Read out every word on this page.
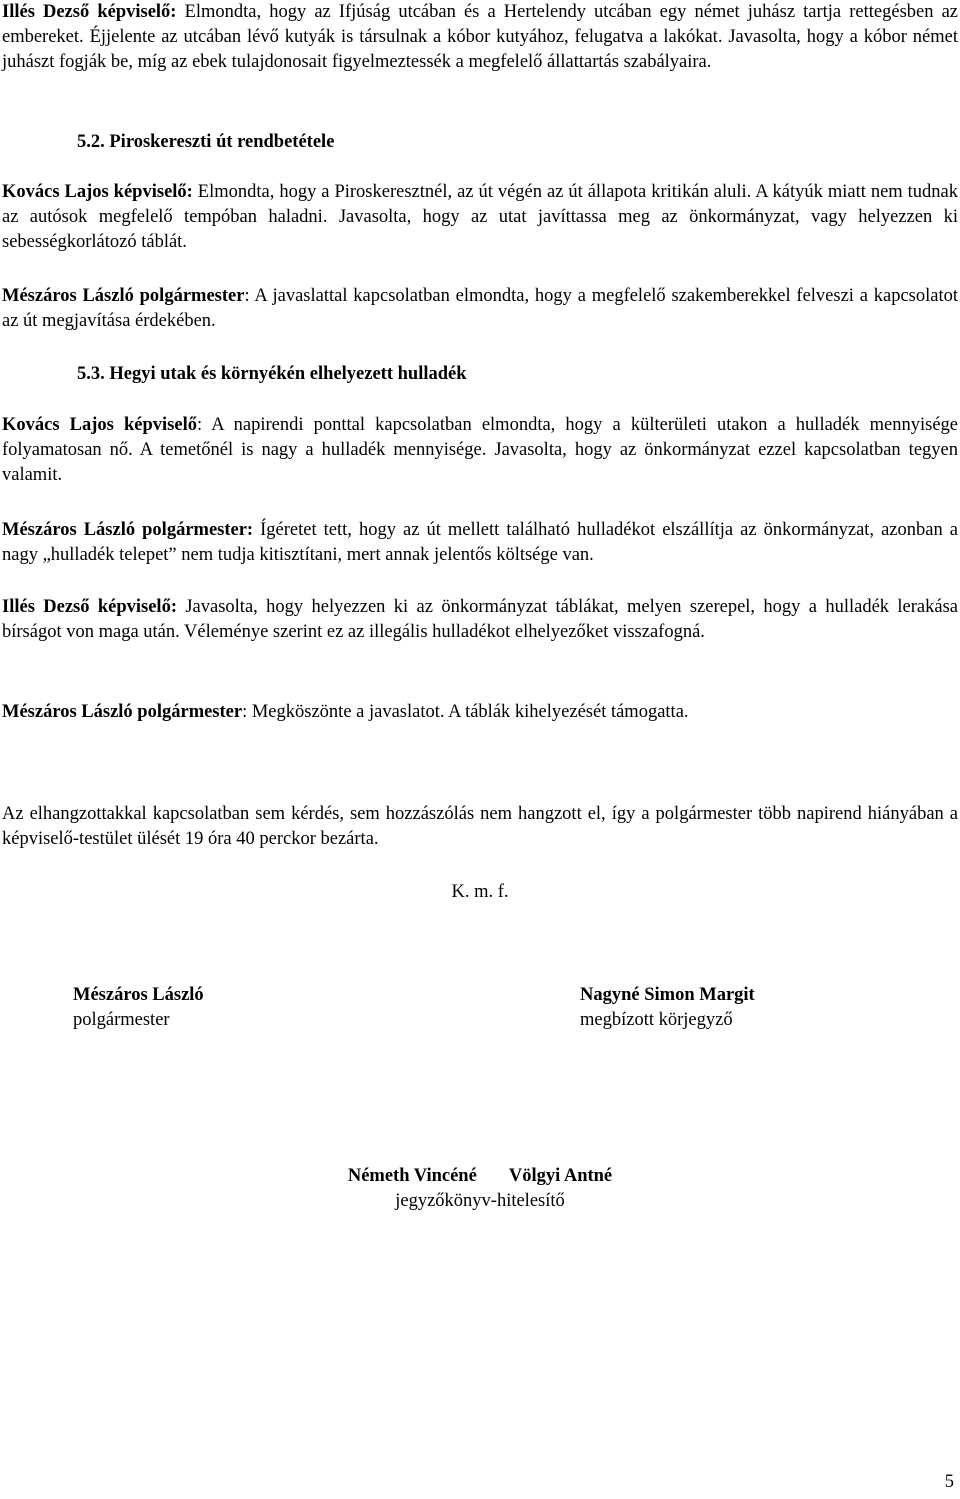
Illés Dezső képviselő: Elmondta, hogy az Ifjúság utcában és a Hertelendy utcában egy német juhász tartja rettegésben az embereket. Éjjelente az utcában lévő kutyák is társulnak a kóbor kutyához, felugatva a lakókat. Javasolta, hogy a kóbor német juhászt fogják be, míg az ebek tulajdonosait figyelmeztessék a megfelelő állattartás szabályaira.

5.2. Piroskereszti út rendbetétele

Kovács Lajos képviselő: Elmondta, hogy a Piroskeresztnél, az út végén az út állapota kritikán aluli. A kátyúk miatt nem tudnak az autósok megfelelő tempóban haladni. Javasolta, hogy az utat javíttassa meg az önkormányzat, vagy helyezzen ki sebességkorlátozó táblát.

Mészáros László polgármester: A javaslattal kapcsolatban elmondta, hogy a megfelelő szakemberekkel felveszi a kapcsolatot az út megjavítása érdekében.

5.3. Hegyi utak és környékén elhelyezett hulladék

Kovács Lajos képviselő: A napirendi ponttal kapcsolatban elmondta, hogy a külterületi utakon a hulladék mennyisége folyamatosan nő. A temetőnél is nagy a hulladék mennyisége. Javasolta, hogy az önkormányzat ezzel kapcsolatban tegyen valamit.

Mészáros László polgármester: Ígéretet tett, hogy az út mellett található hulladékot elszállítja az önkormányzat, azonban a nagy „hulladék telepet” nem tudja kitisztítani, mert annak jelentős költsége van.

Illés Dezső képviselő: Javasolta, hogy helyezzen ki az önkormányzat táblákat, melyen szerepel, hogy a hulladék lerakása bírságot von maga után. Véleménye szerint ez az illegális hulladékot elhelyezőket visszafogná.

Mészáros László polgármester: Megköszönte a javaslatot. A táblák kihelyezését támogatta.

Az elhangzottakkal kapcsolatban sem kérdés, sem hozzászólás nem hangzott el, így a polgármester több napirend hiányában a képviselő-testület ülését 19 óra 40 perckor bezárta.

K. m. f.
Mészáros László
polgármester
Nagyné Simon Margit
megbízott körjegyző
Németh Vincéné       Völgyi Antné
jegyzőkönyv-hitelesítő
5
